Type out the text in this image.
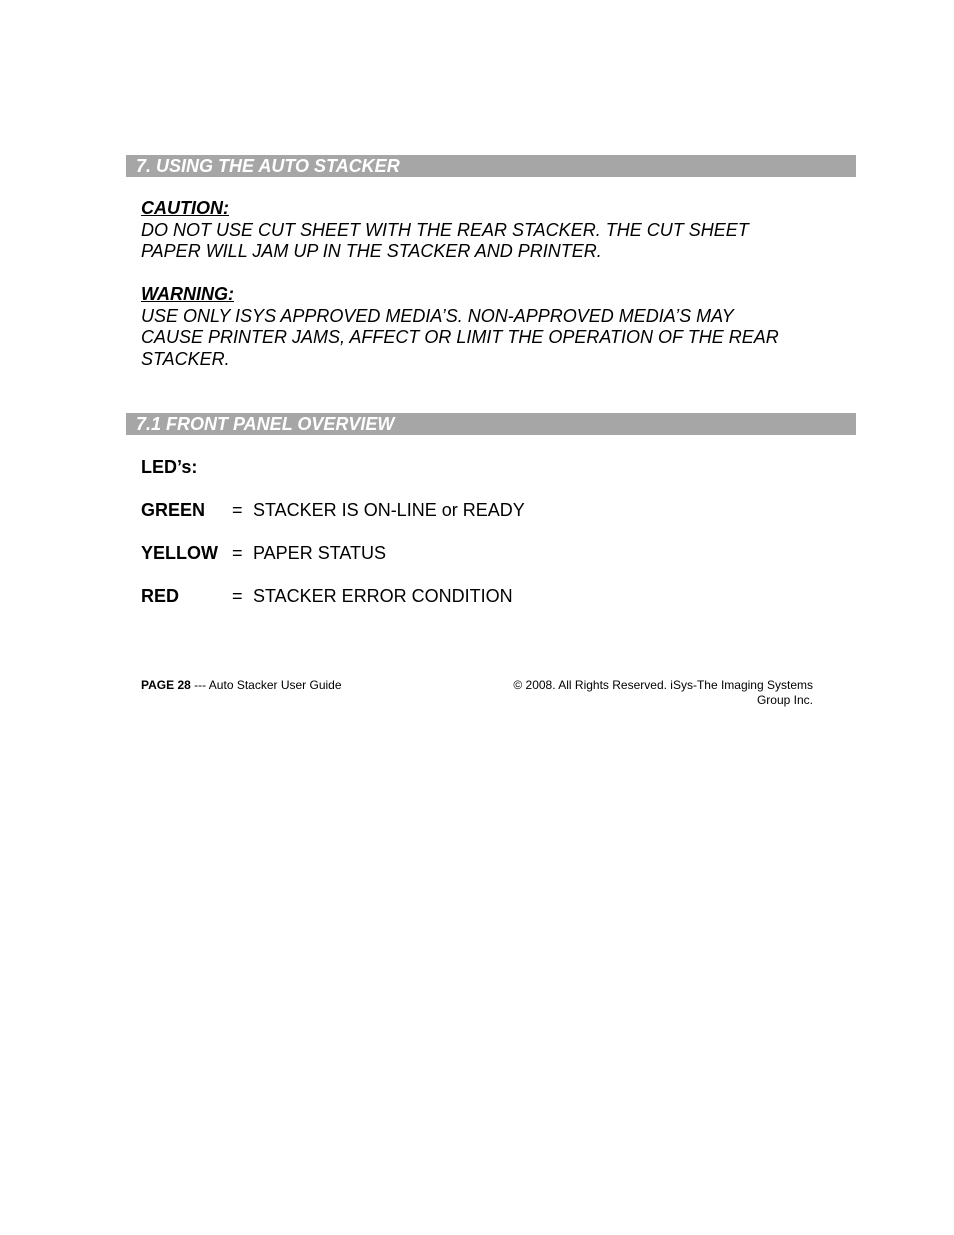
7. USING THE AUTO STACKER
CAUTION:
DO NOT USE CUT SHEET WITH THE REAR STACKER. THE CUT SHEET
PAPER WILL JAM UP IN THE STACKER AND PRINTER.
WARNING:
USE ONLY ISYS APPROVED MEDIA’S. NON-APPROVED MEDIA’S MAY
CAUSE PRINTER JAMS, AFFECT OR LIMIT THE OPERATION OF THE REAR
STACKER.
7.1 FRONT PANEL OVERVIEW
LED’s:
GREEN = STACKER IS ON-LINE or READY
YELLOW = PAPER STATUS
RED	= STACKER ERROR CONDITION
PAGE 28 --- Auto Stacker User Guide	© 2008. All Rights Reserved. iSys-The Imaging Systems
Group Inc.
